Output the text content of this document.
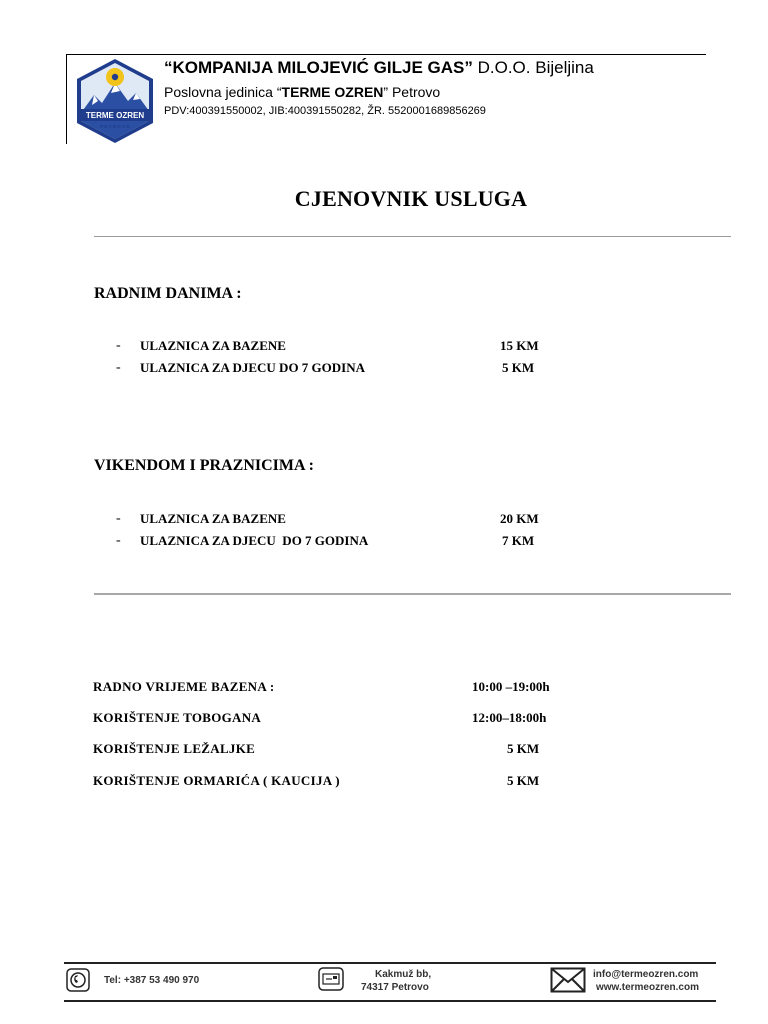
TERME OZREN
P E T R O V O
“KOMPANIJA MILOJEVIĆ GILJE GAS” D.O.O. Bijeljina
Poslovna jedinica “TERME OZREN” Petrovo
PDV:400391550002, JIB:400391550282, ŽR. 5520001689856269
CJENOVNIK USLUGA
RADNIM DANIMA :
- ULAZNICA ZA BAZENE	15 KM
- ULAZNICA ZA DJECU DO 7 GODINA	5 KM
VIKENDOM I PRAZNICIMA :
- ULAZNICA ZA BAZENE	20 KM
- ULAZNICA ZA DJECU  DO 7 GODINA	7 KM
RADNO VRIJEME BAZENA :	10:00 –19:00h
KORIŠTENJE TOBOGANA	12:00–18:00h
KORIŠTENJE LEŽALJKE	5 KM
KORIŠTENJE ORMARIĆA ( KAUCIJA )	5 KM
Tel: +387 53 490 970
Kakmuž bb,
74317 Petrovo
info@termeozren.com
www.termeozren.com
